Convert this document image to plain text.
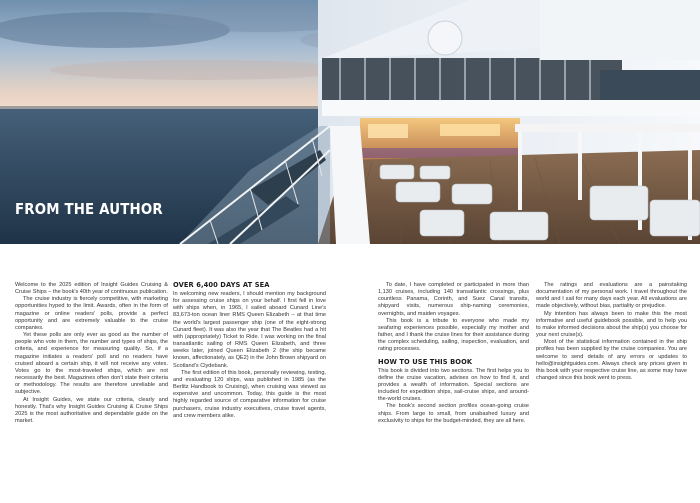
FROM THE AUTHOR

Welcome to the 2025 edition of Insight Guides Cruising & Cruise Ships – the book's 40th year of continuous publication.

The cruise industry is fiercely competitive, with marketing opportunities hyped to the limit. Awards, often in the form of magazine or online readers' polls, provide a perfect opportunity and are extremely valuable to the cruise companies.

Yet these polls are only ever as good as the number of people who vote in them, the number and types of ships, the criteria, and experience for measuring quality. So, if a magazine initiates a readers' poll and no readers have cruised aboard a certain ship, it will not receive any votes. Votes go to the most-traveled ships, which are not necessarily the best. Magazines often don't state their criteria or methodology. The results are therefore unreliable and subjective.

At Insight Guides, we state our criteria, clearly and honestly. That's why Insight Guides Cruising & Cruise Ships 2025 is the most authoritative and dependable guide on the market.

OVER 6,400 DAYS AT SEA

In welcoming new readers, I should mention my background for assessing cruise ships on your behalf. I first fell in love with ships when, in 1965, I sailed aboard Cunard Line's 83,673-ton ocean liner RMS Queen Elizabeth – at that time the world's largest passenger ship (one of the eight-strong Cunard fleet). It was also the year that The Beatles had a hit with (appropriately) Ticket to Ride. I was working on the final transatlantic sailing of RMS Queen Elizabeth, and three weeks later, joined Queen Elizabeth 2 (the ship became known, affectionately, as QE2) in the John Brown shipyard on Scotland's Clydebank.

The first edition of this book, personally reviewing, testing, and evaluating 120 ships, was published in 1985 (as the Berlitz Handbook to Cruising), when cruising was viewed as expensive and uncommon. Today, this guide is the most highly regarded source of comparative information for cruise purchasers, cruise industry executives, cruise travel agents, and crew members alike.

To date, I have completed or participated in more than 1,130 cruises, including 140 transatlantic crossings, plus countless Panama, Corinth, and Suez Canal transits, shipyard visits, numerous ship-naming ceremonies, overnights, and maiden voyages.

This book is a tribute to everyone who made my seafaring experiences possible, especially my mother and father, and I thank the cruise lines for their assistance during the complex scheduling, sailing, inspection, evaluation, and rating processes.

HOW TO USE THIS BOOK

This book is divided into two sections. The first helps you to define the cruise vacation, advises on how to find it, and provides a wealth of information. Special sections are included for expedition ships, sail-cruise ships, and around-the-world cruises.

The book's second section profiles ocean-going cruise ships. From large to small, from unabashed luxury and exclusivity to ships for the budget-minded, they are all here.

The ratings and evaluations are a painstaking documentation of my personal work. I travel throughout the world and I sail for many days each year. All evaluations are made objectively, without bias, partiality or prejudice.

My intention has always been to make this the most informative and useful guidebook possible, and to help you to make informed decisions about the ship(s) you choose for your next cruise(s).

Most of the statistical information contained in the ship profiles has been supplied by the cruise companies. You are welcome to send details of any errors or updates to hello@insightguides.com. Always check any prices given in this book with your respective cruise line, as some may have changed since this book went to press.
